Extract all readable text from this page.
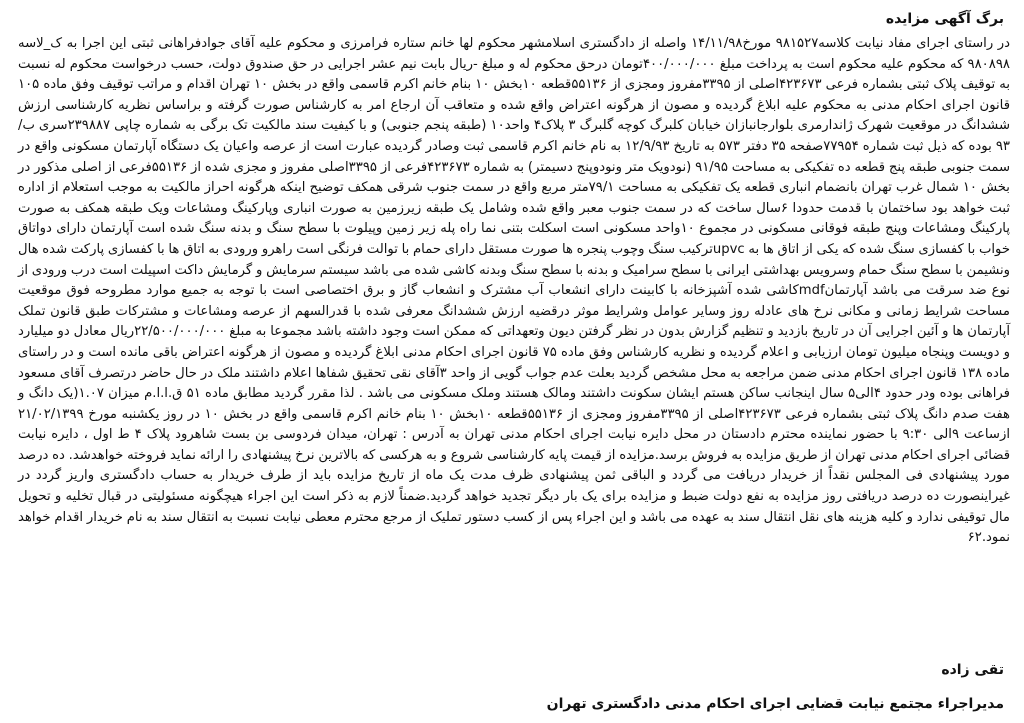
برگ آگهی مزایده

در راستای اجرای مفاد نیابت کلاسه۹۸۱۵۲۷ مورخ۱۴/۱۱/۹۸ واصله از دادگستری اسلامشهر محکوم لها خانم ستاره فرامرزی و محکوم علیه آقای جوادفراهانی ثبتی این اجرا به ک_لاسه ۹۸۰۸۹۸ که محکوم علیه محکوم است به پرداخت مبلغ ۴۰۰/۰۰۰/۰۰۰تومان درحق محکوم له و مبلغ -ریال بابت نیم عشر اجرایی در حق صندوق دولت، حسب درخواست محکوم له نسبت به توقیف پلاک ثبتی بشماره فرعی ۴۲۳۶۷۳اصلی از ۳۳۹۵مفروز ومجزی از ۵۵۱۳۶قطعه ۱۰بخش ۱۰ بنام خانم اکرم قاسمی واقع در بخش ۱۰ تهران اقدام و مراتب توقیف وفق ماده ۱۰۵ قانون اجرای احکام مدنی به محکوم علیه ابلاغ گردیده و مصون از هرگونه اعتراض واقع شده و متعاقب آن ارجاع امر به کارشناس صورت گرفته و براساس نظریه کارشناسی ارزش ششدانگ در موقعیت شهرک ژاندارمری بلوارجانبازان خیابان کلبرگ کوچه گلبرگ ۳ پلاک۴ واحد۱۰ (طبقه پنجم جنوبی) و با کیفیت سند مالکیت تک برگی به شماره چاپی ۲۳۹۸۸۷سری ب/۹۳ بوده که ذیل ثبت شماره ۷۷۹۵۴صفحه ۳۵ دفتر ۵۷۳ به تاریخ ۱۲/۹/۹۳ به نام خانم اکرم قاسمی ثبت وصادر گردیده عبارت است از عرصه واعیان یک دستگاه آپارتمان مسکونی واقع در سمت جنوبی طبقه پنج قطعه ده تفکیکی به مساحت ۹۱/۹۵ (نودویک متر ونودوپنج دسیمتر) به شماره ۴۲۳۶۷۳فرعی از ۳۳۹۵اصلی مفروز و مجزی شده از ۵۵۱۳۶فرعی از اصلی مذکور در بخش ۱۰ شمال غرب تهران بانضمام انباری قطعه یک تفکیکی به مساحت ۷۹/۱متر مربع واقع در سمت جنوب شرقی همکف توضیح اینکه هرگونه احراز مالکیت به موجب استعلام از اداره ثبت خواهد بود ساختمان با قدمت حدودا ۶سال ساخت که در سمت جنوب معبر واقع شده وشامل یک طبقه زیرزمین به صورت انباری وپارکینگ ومشاعات ویک طبقه همکف به صورت پارکینگ ومشاعات وپنج طبقه فوقانی مسکونی در مجموع ۱۰واحد مسکونی است اسکلت بتنی نما راه پله زیر زمین وپیلوت با سطح سنگ و بدنه سنگ شده است آپارتمان دارای دواتاق خواب با کفسازی سنگ شده که یکی از اتاق ها به upvcترکیب سنگ وچوب پنجره ها صورت مستقل دارای حمام با توالت فرنگی است راهرو ورودی به اتاق ها با کفسازی پارکت شده هال ونشیمن با سطح سنگ حمام وسرویس بهداشتی ایرانی با سطح سرامیک و بدنه با سطح سنگ وبدنه کاشی شده می باشد سیستم سرمایش و گرمایش داکت اسپیلت است درب ورودی از نوع ضد سرقت می باشد آپارتمانmdfکاشی شده آشپزخانه با کابینت دارای انشعاب آب مشترک و انشعاب گاز و برق اختصاصی است با توجه به جمیع موارد مطروحه فوق موقعیت مساحت شرایط زمانی و مکانی نرخ های عادله روز وسایر عوامل وشرایط موثر درقضیه ارزش ششدانگ معرفی شده با قدرالسهم از عرصه ومشاعات و مشترکات طبق قانون تملک آپارتمان ها و آئین اجرایی آن در تاریخ بازدید و تنظیم گزارش بدون در نظر گرفتن دیون وتعهداتی که ممکن است وجود داشته باشد مجموعا به مبلغ ۲۲/۵۰۰/۰۰۰/۰۰۰ریال معادل دو میلیارد و دویست وپنجاه میلیون تومان ارزیابی و اعلام گردیده و نظریه کارشناس وفق ماده ۷۵ قانون اجرای احکام مدنی ابلاغ گردیده و مصون از هرگونه اعتراض باقی مانده است و در راستای ماده ۱۳۸ قانون اجرای احکام مدنی ضمن مراجعه به محل مشخص گردید بعلت عدم جواب گویی از واحد ۳آقای نقی تحقیق شفاها اعلام داشتند ملک در حال حاضر درتصرف آقای مسعود فراهانی بوده ودر حدود ۴الی۵ سال اینجانب ساکن هستم ایشان سکونت داشتند ومالک هستند وملک مسکونی می باشد . لذا مقرر گردید مطابق ماده ۵۱ ق.ا.ا.م میزان ۱.۰۷(یک دانگ و هفت صدم دانگ پلاک ثبتی بشماره فرعی ۴۲۳۶۷۳اصلی از ۳۳۹۵مفروز ومجزی از ۵۵۱۳۶قطعه ۱۰بخش ۱۰ بنام خانم اکرم قاسمی واقع در بخش ۱۰ در روز یکشنبه مورخ ۲۱/۰۲/۱۳۹۹ ازساعت ۹الی ۹:۳۰ با حضور نماینده محترم دادستان در محل دایره نیابت اجرای احکام مدنی تهران به آدرس : تهران، میدان فردوسی بن بست شاهرود پلاک ۴ ط اول ، دایره نیابت قضائی اجرای احکام مدنی تهران از طریق مزایده به فروش برسد.مزایده از قیمت پایه کارشناسی شروع و به هرکسی که بالاترین نرخ پیشنهادی را ارائه نماید فروخته خواهدشد. ده درصد مورد پیشنهادی فی المجلس نقداً از خریدار دریافت می گردد و الباقی ثمن پیشنهادی ظرف مدت یک ماه از تاریخ مزایده باید از طرف خریدار به حساب دادگستری واریز گردد در غیراینصورت ده درصد دریافتی روز مزایده به نفع دولت ضبط و مزایده برای یک بار دیگر تجدید خواهد گردید.ضمناً لازم به ذکر است این اجراء هیچگونه مسئولیتی در قبال تخلیه و تحویل مال توقیفی ندارد و کلیه هزینه های نقل انتقال سند به عهده می باشد و این اجراء پس از کسب دستور تملیک از مرجع محترم معطی نیابت نسبت به انتقال سند به نام خریدار اقدام خواهد نمود.۶۲

تقی زاده
مدیراجراء مجتمع نیابت قضایی اجرای احکام مدنی دادگستری تهران
